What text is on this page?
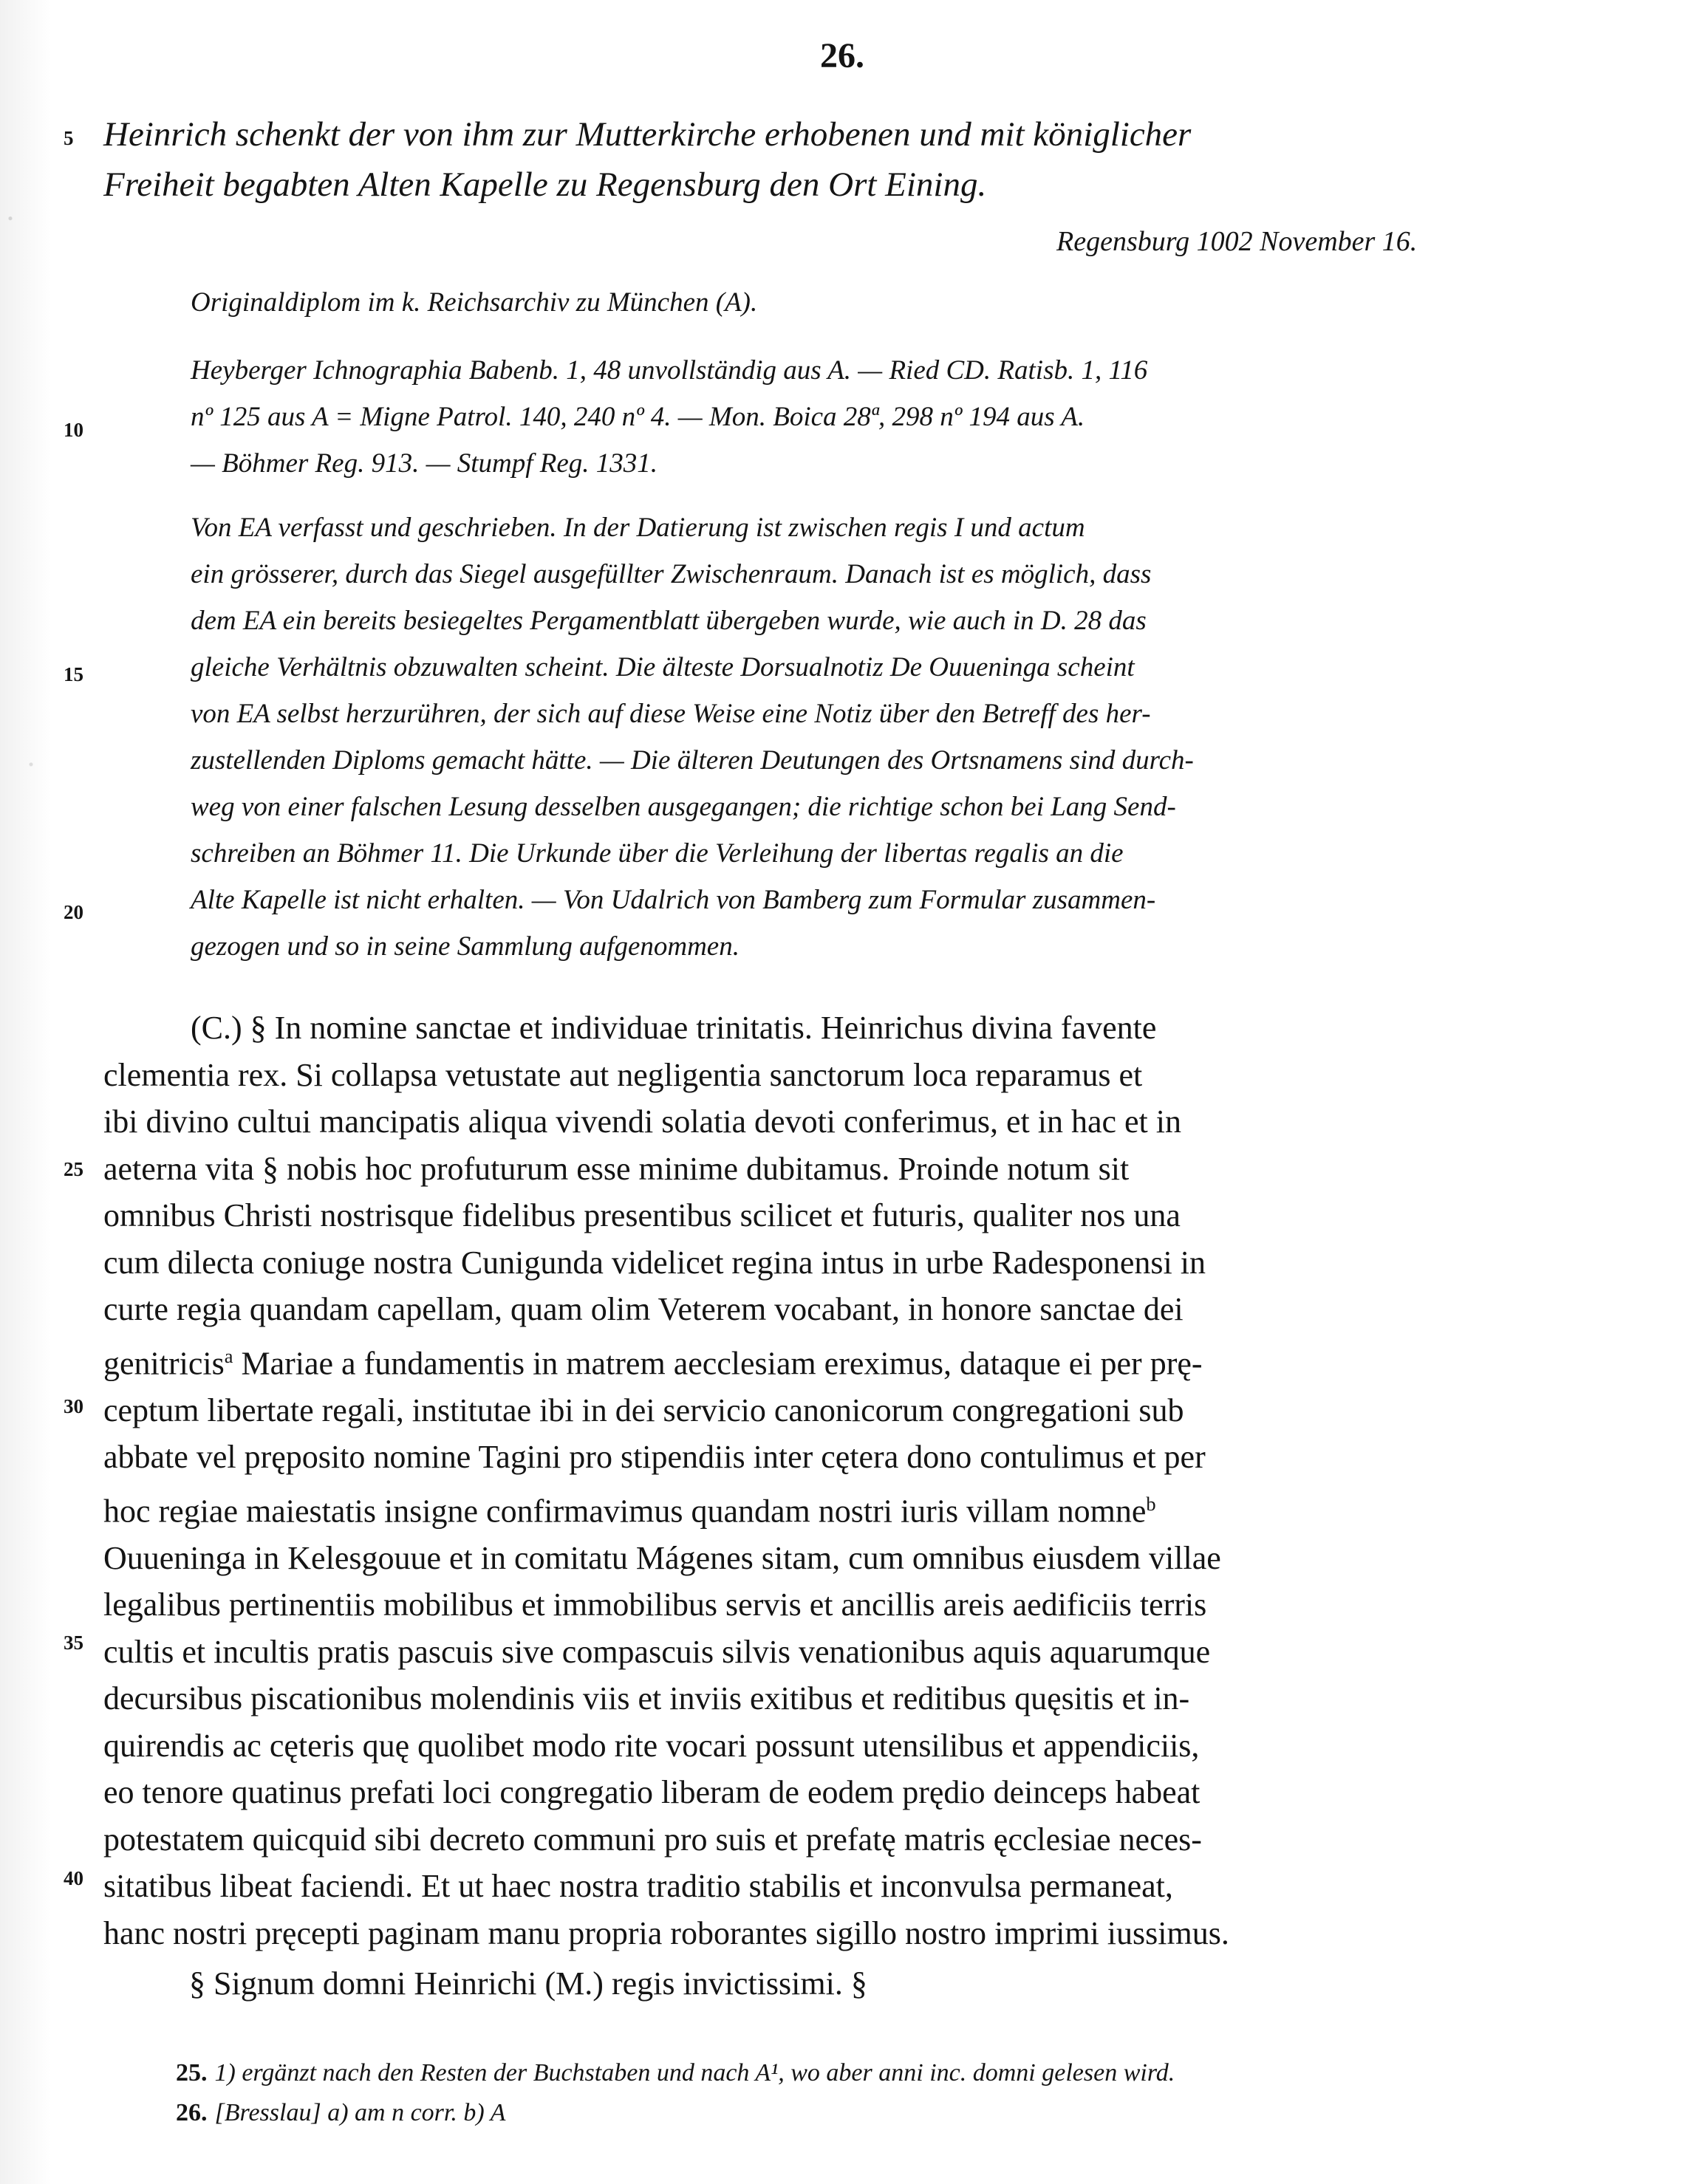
26.
Heinrich schenkt der von ihm zur Mutterkirche erhobenen und mit königlicher
Freiheit begabten Alten Kapelle zu Regensburg den Ort Eining.
Regensburg 1002 November 16.
Originaldiplom im k. Reichsarchiv zu München (A).
Heyberger Ichnographia Babenb. 1, 48 unvollständig aus A. — Ried CD. Ratisb. 1, 116
nº 125 aus A = Migne Patrol. 140, 240 nº 4. — Mon. Boica 28ª, 298 nº 194 aus A.
— Böhmer Reg. 913. — Stumpf Reg. 1331.
Von EA verfasst und geschrieben. In der Datierung ist zwischen regis I und actum
ein grösserer, durch das Siegel ausgefüllter Zwischenraum. Danach ist es möglich, dass
dem EA ein bereits besiegeltes Pergamentblatt übergeben wurde, wie auch in D. 28 das
gleiche Verhältnis obzuwalten scheint. Die älteste Dorsualnotiz De Ouueninga scheint
von EA selbst herzurühren, der sich auf diese Weise eine Notiz über den Betreff des her-
zustellenden Diploms gemacht hätte. — Die älteren Deutungen des Ortsnamens sind durch-
weg von einer falschen Lesung desselben ausgegangen; die richtige schon bei Lang Send-
schreiben an Böhmer 11. Die Urkunde über die Verleihung der libertas regalis an die
Alte Kapelle ist nicht erhalten. — Von Udalrich von Bamberg zum Formular zusammen-
gezogen und so in seine Sammlung aufgenommen.
5
10
15
20
25
30
35
40

(C.) § In nomine sanctae et individuae trinitatis. Heinrichus divina favente

clementia rex. Si collapsa vetustate aut negligentia sanctorum loca reparamus et
ibi divino cultui mancipatis aliqua vivendi solatia devoti conferimus, et in hac et in
aeterna vita § nobis hoc profuturum esse minime dubitamus. Proinde notum sit
omnibus Christi nostrisque fidelibus presentibus scilicet et futuris, qualiter nos una
cum dilecta coniuge nostra Cunigunda videlicet regina intus in urbe Radesponensi in
curte regia quandam capellam, quam olim Veterem vocabant, in honore sanctae dei
genitricis$^a$ Mariae a fundamentis in matrem aecclesiam ereximus, dataque ei per prę-
ceptum libertate regali, institutae ibi in dei servicio canonicorum congregationi sub
abbate vel pręposito nomine Tagini pro stipendiis inter cętera dono contulimus et per
hoc regiae maiestatis insigne confirmavimus quandam nostri iuris villam nomne$^b$
Ouueninga in Kelesgouue et in comitatu Mágenes sitam, cum omnibus eiusdem villae
legalibus pertinentiis mobilibus et immobilibus servis et ancillis areis aedificiis terris
cultis et incultis pratis pascuis sive compascuis silvis venationibus aquis aquarumque
decursibus piscationibus molendinis viis et inviis exitibus et reditibus quęsitis et in-
quirendis ac cęteris quę quolibet modo rite vocari possunt utensilibus et appendiciis,
eo tenore quatinus prefati loci congregatio liberam de eodem prędio deinceps habeat
potestatem quicquid sibi decreto communi pro suis et prefatę matris ęcclesiae neces-
sitatibus libeat faciendi. Et ut haec nostra traditio stabilis et inconvulsa permaneat,
hanc nostri pręcepti paginam manu propria roborantes sigillo nostro imprimi iussimus.
§ Signum domni Heinrichi (M.) regis invictissimi. §
25. 1) ergänzt nach den Resten der Buchstaben und nach A¹, wo aber anni inc. domni gelesen wird.
26. [Bresslau] a) am n corr. b) A
